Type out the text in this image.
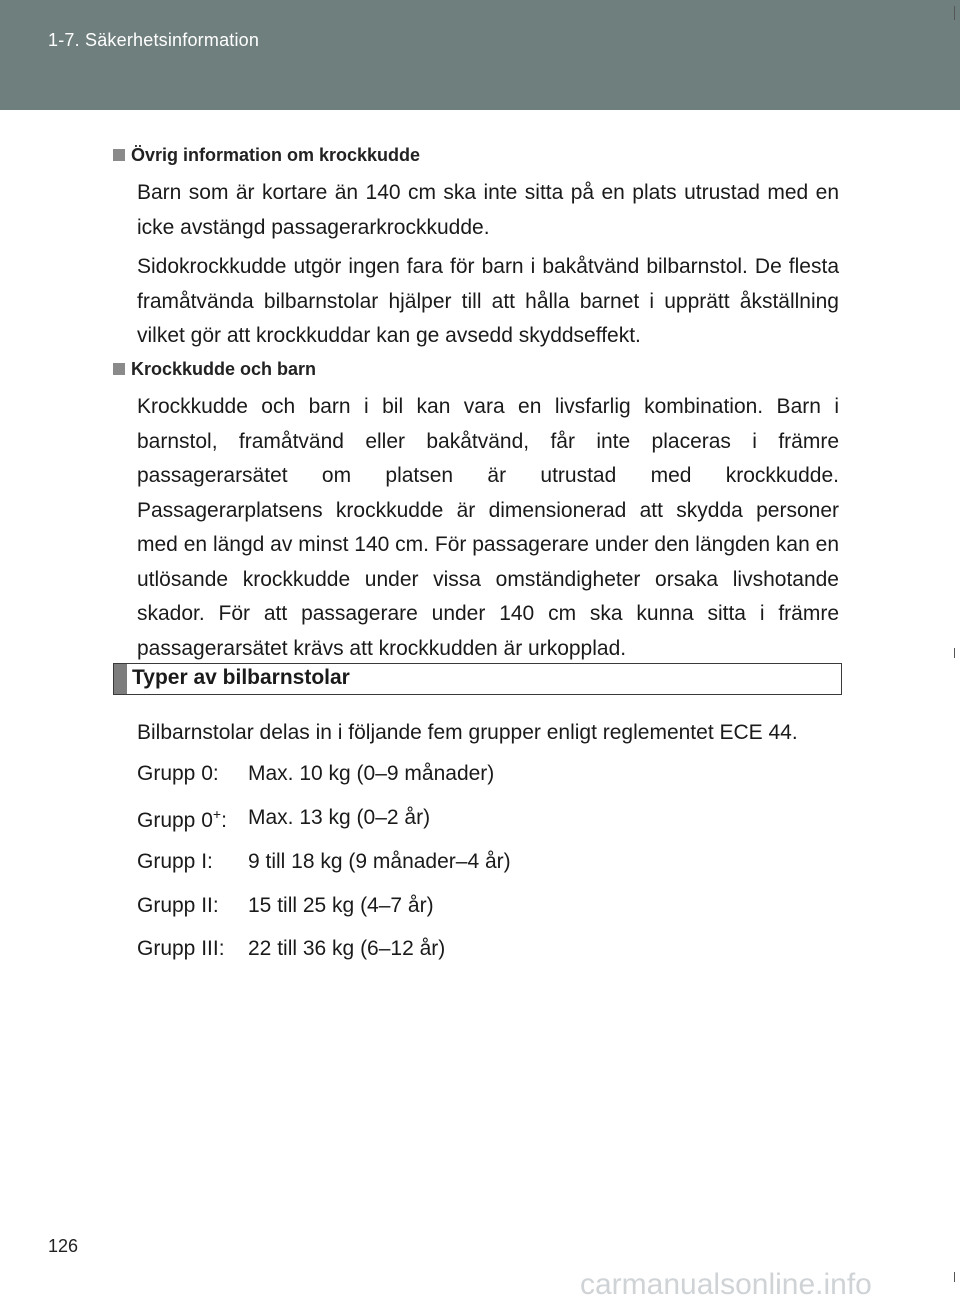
1-7. Säkerhetsinformation
Övrig information om krockkudde
Barn som är kortare än 140 cm ska inte sitta på en plats utrustad med en icke avstängd passagerarkrockkudde.
Sidokrockkudde utgör ingen fara för barn i bakåtvänd bilbarnstol. De flesta framåtvända bilbarnstolar hjälper till att hålla barnet i upprätt åkställning vilket gör att krockkuddar kan ge avsedd skyddseffekt.
Krockkudde och barn
Krockkudde och barn i bil kan vara en livsfarlig kombination. Barn i barnstol, framåtvänd eller bakåtvänd, får inte placeras i främre passagerarsätet om platsen är utrustad med krockkudde. Passagerarplatsens krockkudde är dimensionerad att skydda personer med en längd av minst 140 cm. För passagerare under den längden kan en utlösande krockkudde under vissa omständigheter orsaka livshotande skador. För att passagerare under 140 cm ska kunna sitta i främre passagerarsätet krävs att krockkudden är urkopplad.
Typer av bilbarnstolar
Bilbarnstolar delas in i följande fem grupper enligt reglementet ECE 44.
Grupp 0: Max. 10 kg (0–9 månader)
Grupp 0+: Max. 13 kg (0–2 år)
Grupp I: 9 till 18 kg (9 månader–4 år)
Grupp II: 15 till 25 kg (4–7 år)
Grupp III: 22 till 36 kg (6–12 år)
126
carmanualsonline.info
